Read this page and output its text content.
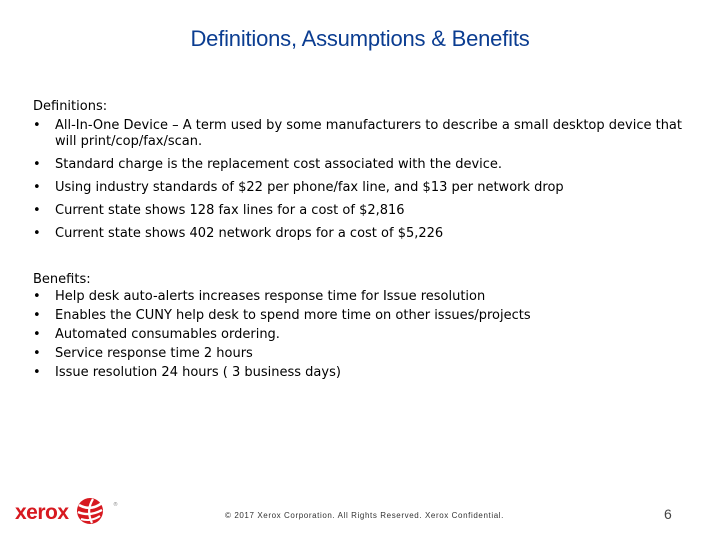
Definitions, Assumptions & Benefits
Definitions:
• All-In-One Device – A term used by some manufacturers to describe a small desktop device that will print/cop/fax/scan.
• Standard charge is the replacement cost associated with the device.
• Using industry standards of $22 per phone/fax line, and $13 per network drop
• Current state shows 128 fax lines for a cost of $2,816
• Current state shows 402 network drops for a cost of $5,226
Benefits:
• Help desk auto-alerts increases response time for Issue resolution
• Enables the CUNY help desk to spend more time on other issues/projects
• Automated consumables ordering.
• Service response time 2 hours
• Issue resolution 24 hours ( 3 business days)
xerox	®
© 2017 Xerox Corporation. All Rights Reserved. Xerox Confidential.	6
